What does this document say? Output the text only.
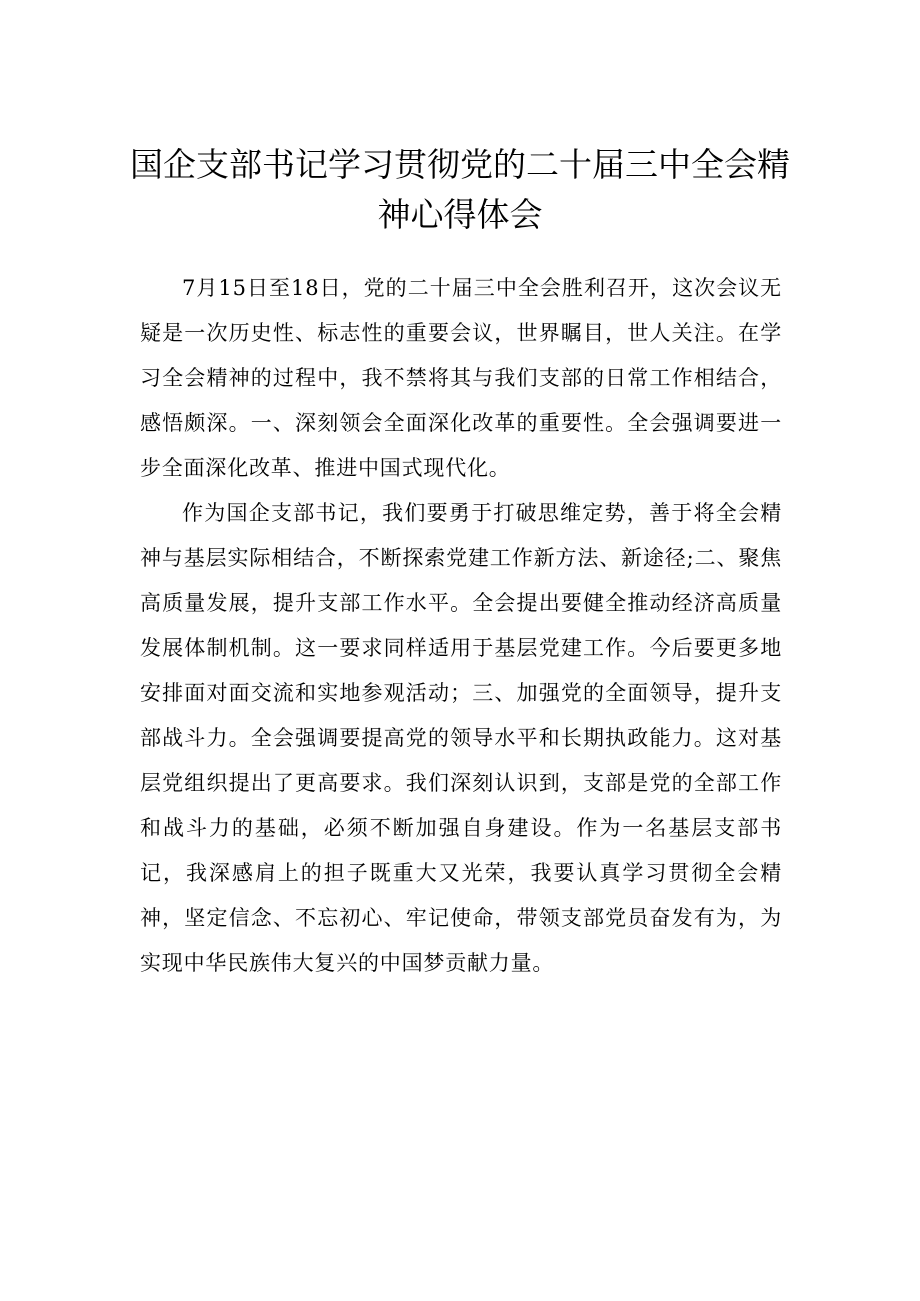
国企支部书记学习贯彻党的二十届三中全会精神心得体会

7月15日至18日，党的二十届三中全会胜利召开，这次会议无疑是一次历史性、标志性的重要会议，世界瞩目，世人关注。在学习全会精神的过程中，我不禁将其与我们支部的日常工作相结合，感悟颇深。一、深刻领会全面深化改革的重要性。全会强调要进一步全面深化改革、推进中国式现代化。

作为国企支部书记，我们要勇于打破思维定势，善于将全会精神与基层实际相结合，不断探索党建工作新方法、新途径;二、聚焦高质量发展，提升支部工作水平。全会提出要健全推动经济高质量发展体制机制。这一要求同样适用于基层党建工作。今后要更多地安排面对面交流和实地参观活动；三、加强党的全面领导，提升支部战斗力。全会强调要提高党的领导水平和长期执政能力。这对基层党组织提出了更高要求。我们深刻认识到，支部是党的全部工作和战斗力的基础，必须不断加强自身建设。作为一名基层支部书记，我深感肩上的担子既重大又光荣，我要认真学习贯彻全会精神，坚定信念、不忘初心、牢记使命，带领支部党员奋发有为，为实现中华民族伟大复兴的中国梦贡献力量。
